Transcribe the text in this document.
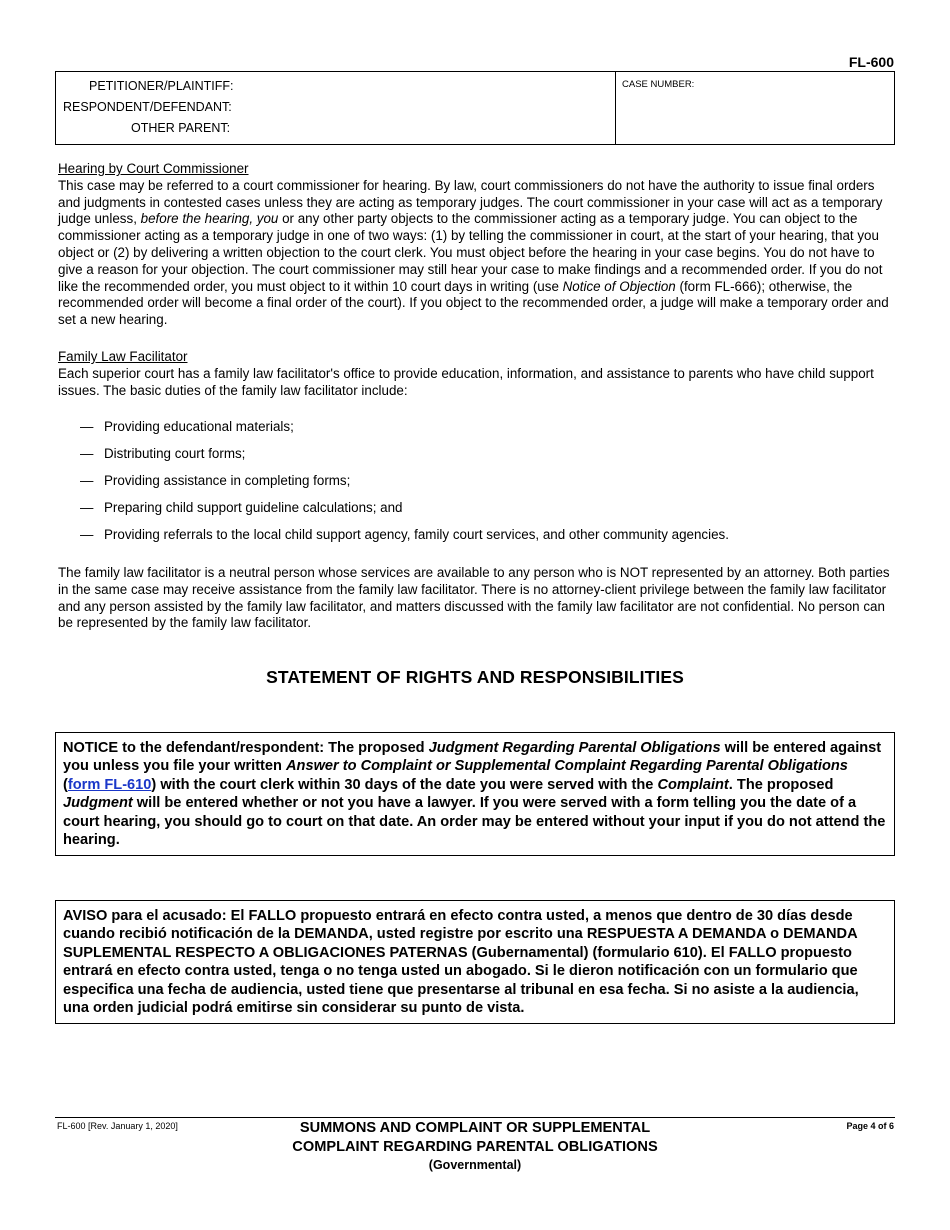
FL-600
PETITIONER/PLAINTIFF:
RESPONDENT/DEFENDANT:
OTHER PARENT:
CASE NUMBER:
Hearing by Court Commissioner

This case may be referred to a court commissioner for hearing. By law, court commissioners do not have the authority to issue final orders and judgments in contested cases unless they are acting as temporary judges. The court commissioner in your case will act as a temporary judge unless, before the hearing, you or any other party objects to the commissioner acting as a temporary judge. You can object to the commissioner acting as a temporary judge in one of two ways: (1) by telling the commissioner in court, at the start of your hearing, that you object or (2) by delivering a written objection to the court clerk. You must object before the hearing in your case begins. You do not have to give a reason for your objection. The court commissioner may still hear your case to make findings and a recommended order. If you do not like the recommended order, you must object to it within 10 court days in writing (use Notice of Objection (form FL-666); otherwise, the recommended order will become a final order of the court). If you object to the recommended order, a judge will make a temporary order and set a new hearing.

Family Law Facilitator

Each superior court has a family law facilitator's office to provide education, information, and assistance to parents who have child support issues. The basic duties of the family law facilitator include:

— Providing educational materials;
— Distributing court forms;
— Providing assistance in completing forms;
— Preparing child support guideline calculations; and
— Providing referrals to the local child support agency, family court services, and other community agencies.

The family law facilitator is a neutral person whose services are available to any person who is NOT represented by an attorney. Both parties in the same case may receive assistance from the family law facilitator. There is no attorney-client privilege between the family law facilitator and any person assisted by the family law facilitator, and matters discussed with the family law facilitator are not confidential. No person can be represented by the family law facilitator.

STATEMENT OF RIGHTS AND RESPONSIBILITIES
NOTICE to the defendant/respondent: The proposed Judgment Regarding Parental Obligations will be entered against you unless you file your written Answer to Complaint or Supplemental Complaint Regarding Parental Obligations (form FL-610) with the court clerk within 30 days of the date you were served with the Complaint. The proposed Judgment will be entered whether or not you have a lawyer. If you were served with a form telling you the date of a court hearing, you should go to court on that date. An order may be entered without your input if you do not attend the hearing.
AVISO para el acusado: El FALLO propuesto entrará en efecto contra usted, a menos que dentro de 30 días desde cuando recibió notificación de la DEMANDA, usted registre por escrito una RESPUESTA A DEMANDA o DEMANDA SUPLEMENTAL RESPECTO A OBLIGACIONES PATERNAS (Gubernamental) (formulario 610). El FALLO propuesto entrará en efecto contra usted, tenga o no tenga usted un abogado. Si le dieron notificación con un formulario que especifica una fecha de audiencia, usted tiene que presentarse al tribunal en esa fecha. Si no asiste a la audiencia, una orden judicial podrá emitirse sin considerar su punto de vista.
FL-600 [Rev. January 1, 2020]	SUMMONS AND COMPLAINT OR SUPPLEMENTAL
COMPLAINT REGARDING PARENTAL OBLIGATIONS
(Governmental)
Page 4 of 6
